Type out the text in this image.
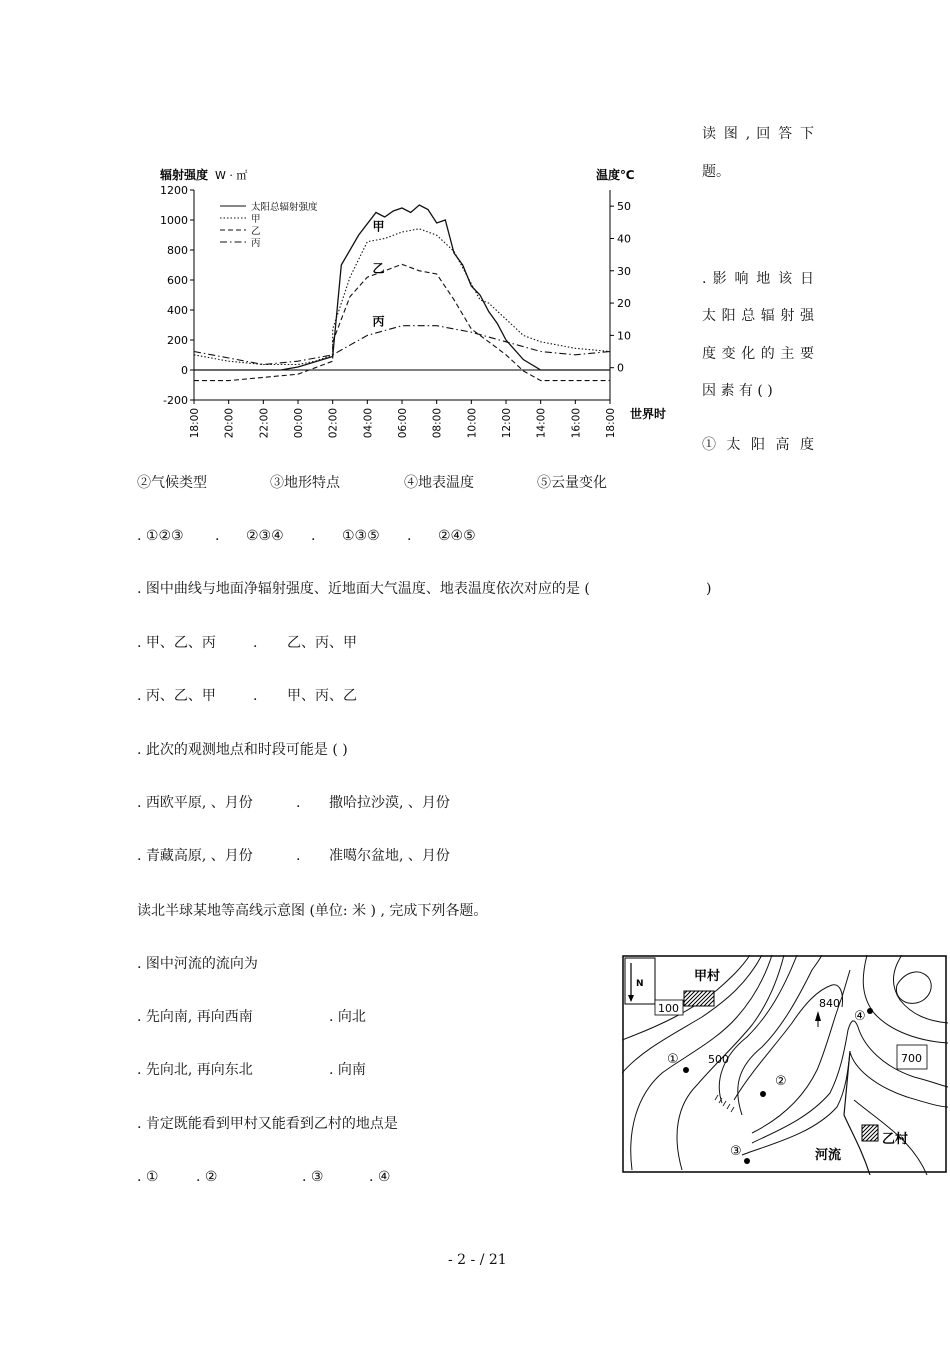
读 图 , 回 答 下
题。
. 影 响 地 该 日
太 阳 总 辐 射 强
度 变 化 的 主 要
因 素 有 ( )
① 太 阳 高 度
辐射强度 W · ㎡	温度℃
世界时
1200
1000
800
600
400
200
0
-200
50
40
30
20
10
0
18:00 20:00 22:00 00:00 02:00 04:00 06:00 08:00 10:00 12:00 14:00 16:00 18:00
太阳总辐射强度
甲
乙
丙
甲
乙
丙
②气候类型	③地形特点	④地表温度	⑤云量变化
. ①②③ . ②③④ . ①③⑤ . ②④⑤
. 图中曲线与地面净辐射强度、近地面大气温度、地表温度依次对应的是 (	)
. 甲、乙、丙	. 乙、丙、甲
. 丙、乙、甲	. 甲、丙、乙
. 此次的观测地点和时段可能是 ( )
. 西欧平原, 、月份	. 撒哈拉沙漠, 、月份
. 青藏高原, 、月份	. 准噶尔盆地, 、月份
读北半球某地等高线示意图 (单位: 米 ) , 完成下列各题。
. 图中河流的流向为
. 先向南, 再向西南	. 向北
. 先向北, 再向东北	. 向南
. 肯定既能看到甲村又能看到乙村的地点是
. ①	. ②	. ③	. ④
N
100
500
840
700
甲村
乙村
河流
①
②
③
④
- 2 - / 21
